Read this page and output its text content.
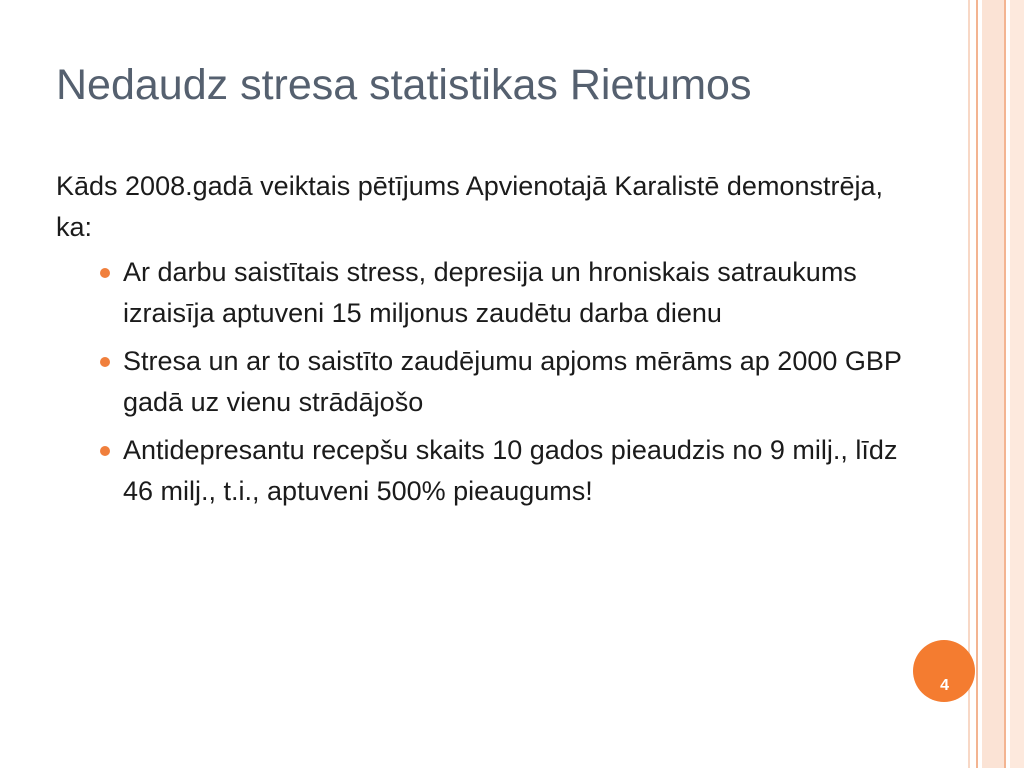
Nedaudz stresa statistikas Rietumos

Kāds 2008.gadā veiktais pētījums Apvienotajā Karalistē demonstrēja, ka:

Ar darbu saistītais stress, depresija un hroniskais satraukums izraisīja aptuveni 15 miljonus zaudētu darba dienu
Stresa un ar to saistīto zaudējumu apjoms mērāms ap 2000 GBP gadā uz vienu strādājošo
Antidepresantu recepšu skaits 10 gados pieaudzis no 9 milj., līdz 46 milj., t.i., aptuveni 500% pieaugums!
4
